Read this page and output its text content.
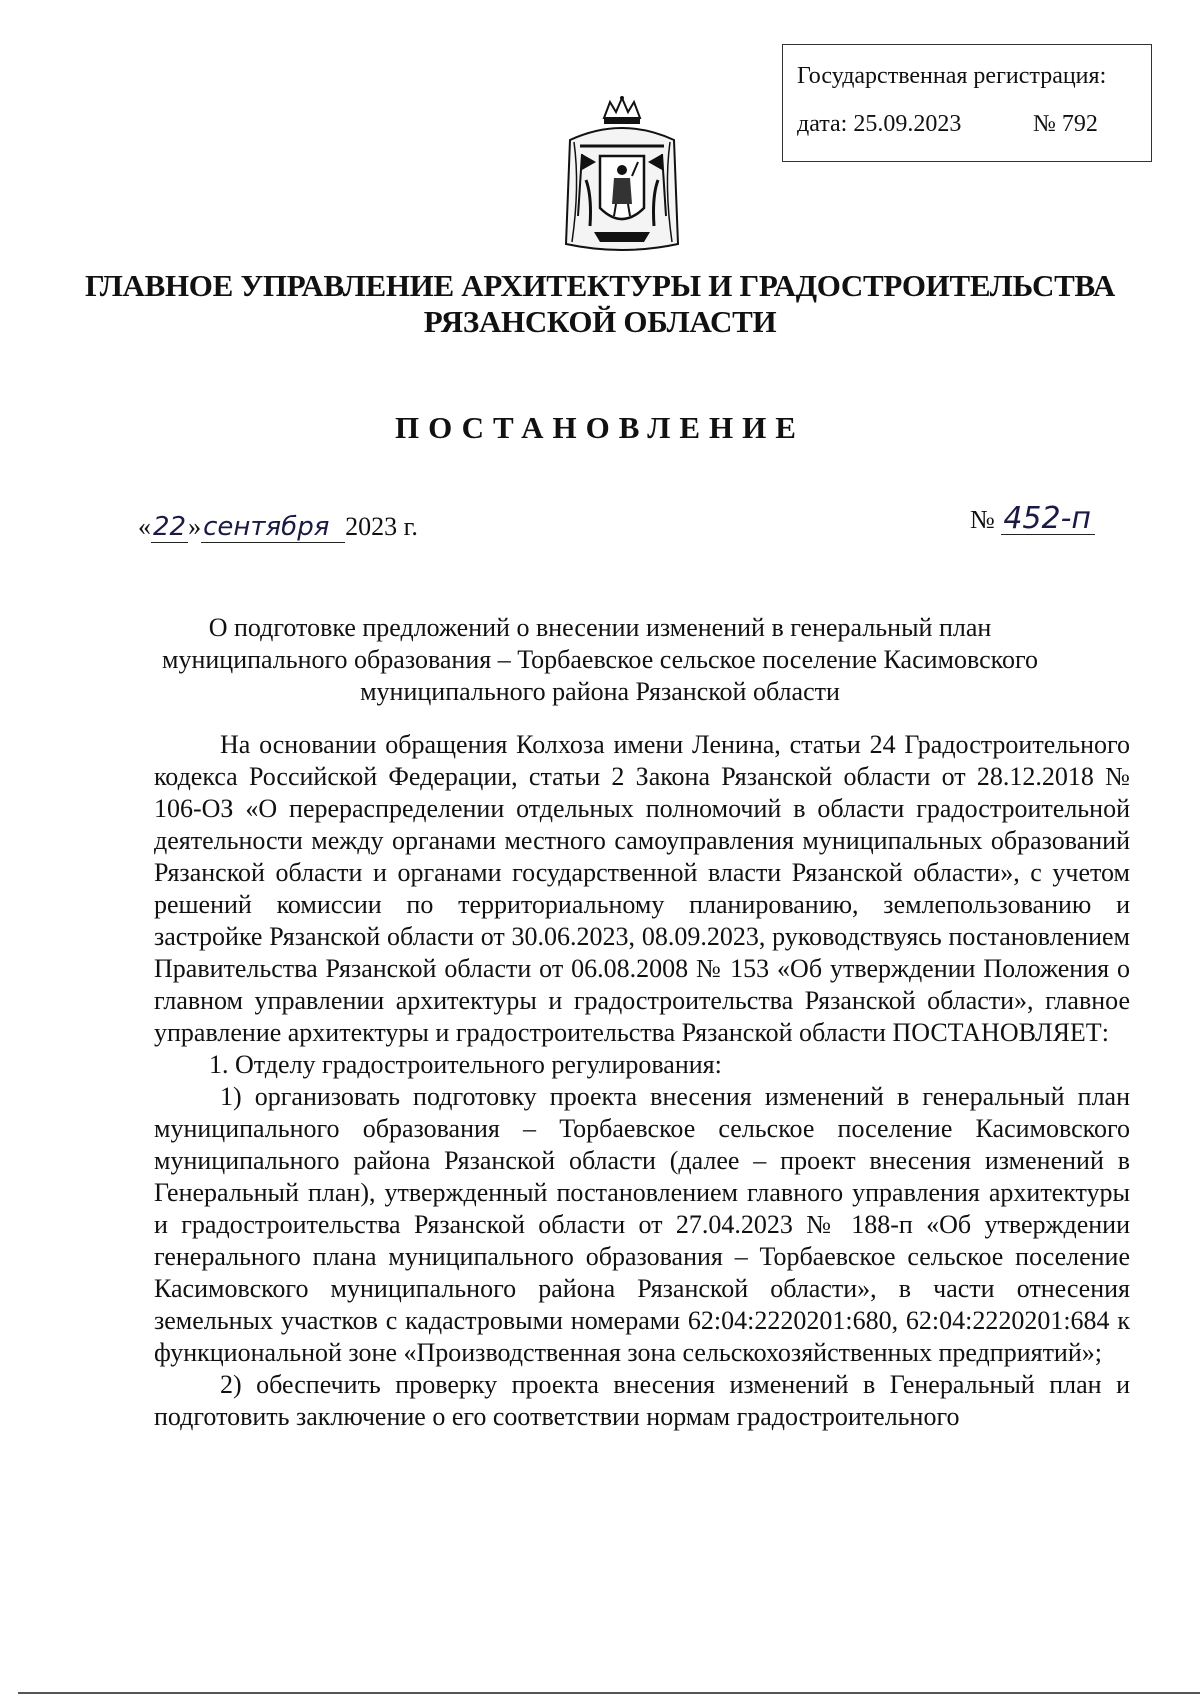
Государственная регистрация:
дата: 25.09.2023	№ 792
ГЛАВНОЕ УПРАВЛЕНИЕ АРХИТЕКТУРЫ И ГРАДОСТРОИТЕЛЬСТВА
РЯЗАНСКОЙ ОБЛАСТИ
ПОСТАНОВЛЕНИЕ
«22»сентября 2023 г.	№ 452-п
О подготовке предложений о внесении изменений в генеральный план
муниципального образования – Торбаевское сельское поселение Касимовского
муниципального района Рязанской области

На основании обращения Колхоза имени Ленина, статьи 24 Градостроительного кодекса Российской Федерации, статьи 2 Закона Рязанской области от 28.12.2018 № 106-ОЗ «О перераспределении отдельных полномочий в области градостроительной деятельности между органами местного самоуправления муниципальных образований Рязанской области и органами государственной власти Рязанской области», с учетом решений комиссии по территориальному планированию, землепользованию и застройке Рязанской области от 30.06.2023, 08.09.2023, руководствуясь постановлением Правительства Рязанской области от 06.08.2008 № 153 «Об утверждении Положения о главном управлении архитектуры и градостроительства Рязанской области», главное управление архитектуры и градостроительства Рязанской области ПОСТАНОВЛЯЕТ:

1. Отделу градостроительного регулирования:

1) организовать подготовку проекта внесения изменений в генеральный план муниципального образования – Торбаевское сельское поселение Касимовского муниципального района Рязанской области (далее – проект внесения изменений в Генеральный план), утвержденный постановлением главного управления архитектуры и градостроительства Рязанской области от 27.04.2023 № 188-п «Об утверждении генерального плана муниципального образования – Торбаевское сельское поселение Касимовского муниципального района Рязанской области», в части отнесения земельных участков с кадастровыми номерами 62:04:2220201:680, 62:04:2220201:684 к функциональной зоне «Производственная зона сельскохозяйственных предприятий»;

2) обеспечить проверку проекта внесения изменений в Генеральный план и подготовить заключение о его соответствии нормам градостроительного
